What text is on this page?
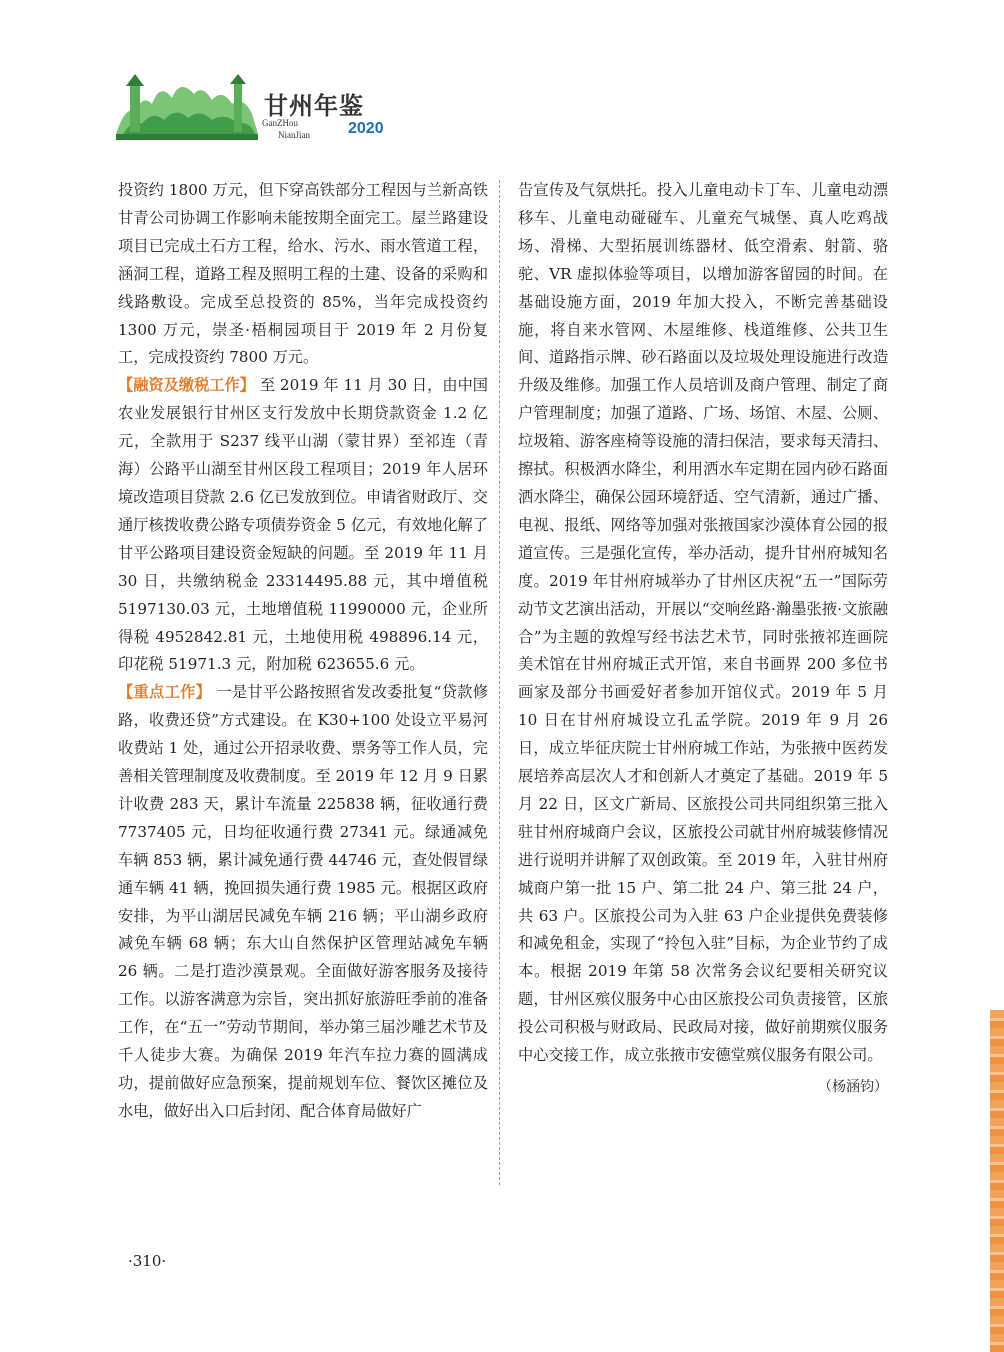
甘州年鉴
GanZHou
NianJian 2020

投资约 1800 万元，但下穿高铁部分工程因与兰新高铁甘青公司协调工作影响未能按期全面完工。屋兰路建设项目已完成土石方工程，给水、污水、雨水管道工程，涵洞工程，道路工程及照明工程的土建、设备的采购和线路敷设。完成至总投资的 85%，当年完成投资约 1300 万元，崇圣·梧桐园项目于 2019 年 2 月份复工，完成投资约 7800 万元。

【融资及缴税工作】 至 2019 年 11 月 30 日，由中国农业发展银行甘州区支行发放中长期贷款资金 1.2 亿元，全款用于 S237 线平山湖（蒙甘界）至祁连（青海）公路平山湖至甘州区段工程项目；2019 年人居环境改造项目贷款 2.6 亿已发放到位。申请省财政厅、交通厅核拨收费公路专项债券资金 5 亿元，有效地化解了甘平公路项目建设资金短缺的问题。至 2019 年 11 月 30 日，共缴纳税金 23314495.88 元，其中增值税 5197130.03 元，土地增值税 11990000 元，企业所得税 4952842.81 元，土地使用税 498896.14 元，印花税 51971.3 元，附加税 623655.6 元。

【重点工作】 一是甘平公路按照省发改委批复“贷款修路，收费还贷”方式建设。在 K30+100 处设立平易河收费站 1 处，通过公开招录收费、票务等工作人员，完善相关管理制度及收费制度。至 2019 年 12 月 9 日累计收费 283 天，累计车流量 225838 辆，征收通行费 7737405 元，日均征收通行费 27341 元。绿通减免车辆 853 辆，累计减免通行费 44746 元，查处假冒绿通车辆 41 辆，挽回损失通行费 1985 元。根据区政府安排，为平山湖居民减免车辆 216 辆；平山湖乡政府减免车辆 68 辆；东大山自然保护区管理站减免车辆 26 辆。二是打造沙漠景观。全面做好游客服务及接待工作。以游客满意为宗旨，突出抓好旅游旺季前的准备工作，在“五一”劳动节期间，举办第三届沙雕艺术节及千人徒步大赛。为确保 2019 年汽车拉力赛的圆满成功，提前做好应急预案，提前规划车位、餐饮区摊位及水电，做好出入口后封闭、配合体育局做好广

告宣传及气氛烘托。投入儿童电动卡丁车、儿童电动漂移车、儿童电动碰碰车、儿童充气城堡、真人吃鸡战场、滑梯、大型拓展训练器材、低空滑索、射箭、骆驼、VR 虚拟体验等项目，以增加游客留园的时间。在基础设施方面，2019 年加大投入，不断完善基础设施，将自来水管网、木屋维修、栈道维修、公共卫生间、道路指示牌、砂石路面以及垃圾处理设施进行改造升级及维修。加强工作人员培训及商户管理、制定了商户管理制度；加强了道路、广场、场馆、木屋、公厕、垃圾箱、游客座椅等设施的清扫保洁，要求每天清扫、擦拭。积极洒水降尘，利用洒水车定期在园内砂石路面洒水降尘，确保公园环境舒适、空气清新，通过广播、电视、报纸、网络等加强对张掖国家沙漠体育公园的报道宣传。三是强化宣传，举办活动，提升甘州府城知名度。2019 年甘州府城举办了甘州区庆祝“五一”国际劳动节文艺演出活动，开展以“交响丝路·瀚墨张掖·文旅融合”为主题的敦煌写经书法艺术节，同时张掖祁连画院美术馆在甘州府城正式开馆，来自书画界 200 多位书画家及部分书画爱好者参加开馆仪式。2019 年 5 月 10 日在甘州府城设立孔孟学院。2019 年 9 月 26 日，成立毕征庆院士甘州府城工作站，为张掖中医药发展培养高层次人才和创新人才奠定了基础。2019 年 5 月 22 日，区文广新局、区旅投公司共同组织第三批入驻甘州府城商户会议，区旅投公司就甘州府城装修情况进行说明并讲解了双创政策。至 2019 年，入驻甘州府城商户第一批 15 户、第二批 24 户、第三批 24 户，共 63 户。区旅投公司为入驻 63 户企业提供免费装修和减免租金，实现了“拎包入驻”目标，为企业节约了成本。根据 2019 年第 58 次常务会议纪要相关研究议题，甘州区殡仪服务中心由区旅投公司负责接管，区旅投公司积极与财政局、民政局对接，做好前期殡仪服务中心交接工作，成立张掖市安德堂殡仪服务有限公司。

（杨涵钧）
·310·
